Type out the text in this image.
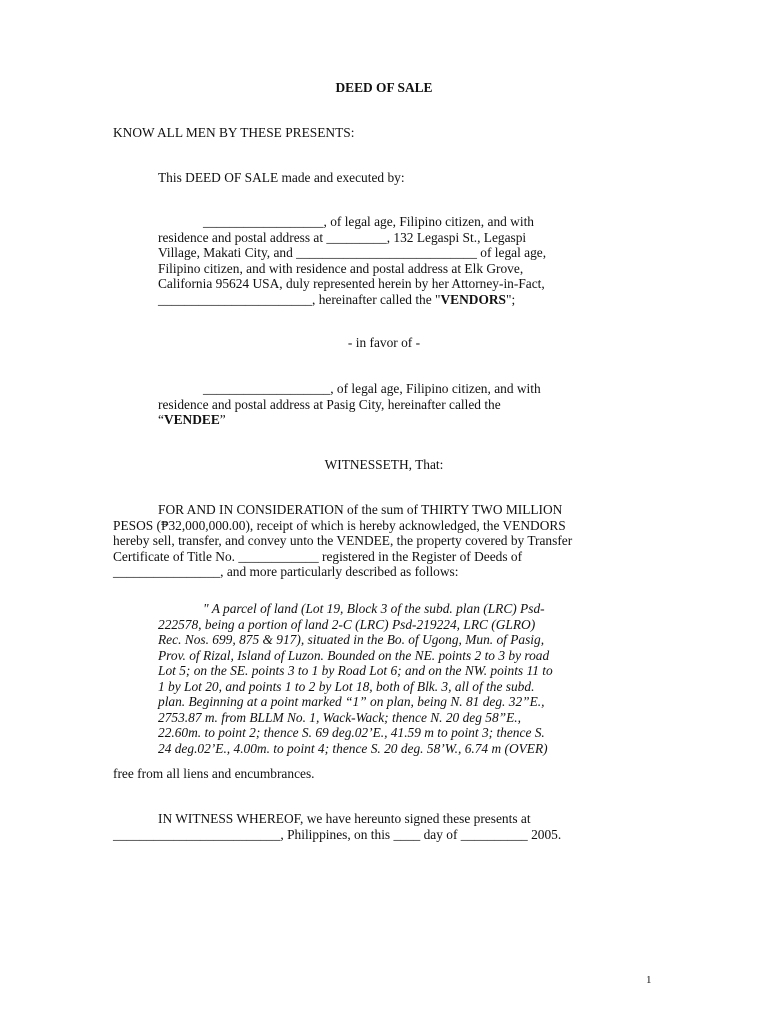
DEED OF SALE
KNOW ALL MEN BY THESE PRESENTS:
This DEED OF SALE made and executed by:
__________________, of legal age, Filipino citizen, and with
residence and postal address at _________, 132 Legaspi St., Legaspi
Village, Makati City, and ___________________________ of legal age,
Filipino citizen, and with residence and postal address at Elk Grove,
California 95624 USA, duly represented herein by her Attorney-in-Fact,
_______________________, hereinafter called the "VENDORS";
- in favor of -
___________________, of legal age, Filipino citizen, and with
residence and postal address at Pasig City, hereinafter called the
“VENDEE”
WITNESSETH, That:
FOR AND IN CONSIDERATION of the sum of THIRTY TWO MILLION
PESOS (₱32,000,000.00), receipt of which is hereby acknowledged, the VENDORS
hereby sell, transfer, and convey unto the VENDEE, the property covered by Transfer
Certificate of Title No. ____________ registered in the Register of Deeds of
________________, and more particularly described as follows:
" A parcel of land (Lot 19, Block 3 of the subd. plan (LRC) Psd-
222578, being a portion of land 2-C (LRC) Psd-219224, LRC (GLRO)
Rec. Nos. 699, 875 & 917), situated in the Bo. of Ugong, Mun. of Pasig,
Prov. of Rizal, Island of Luzon. Bounded on the NE. points 2 to 3 by road
Lot 5; on the SE. points 3 to 1 by Road Lot 6; and on the NW. points 11 to
1 by Lot 20, and points 1 to 2 by Lot 18, both of Blk. 3, all of the subd.
plan. Beginning at a point marked “1” on plan, being N. 81 deg. 32”E.,
2753.87 m. from BLLM No. 1, Wack-Wack; thence N. 20 deg 58”E.,
22.60m. to point 2; thence S. 69 deg.02’E., 41.59 m to point 3; thence S.
24 deg.02’E., 4.00m. to point 4; thence S. 20 deg. 58’W., 6.74 m (OVER)
free from all liens and encumbrances.
IN WITNESS WHEREOF, we have hereunto signed these presents at
_________________________, Philippines, on this ____ day of __________ 2005.
1
